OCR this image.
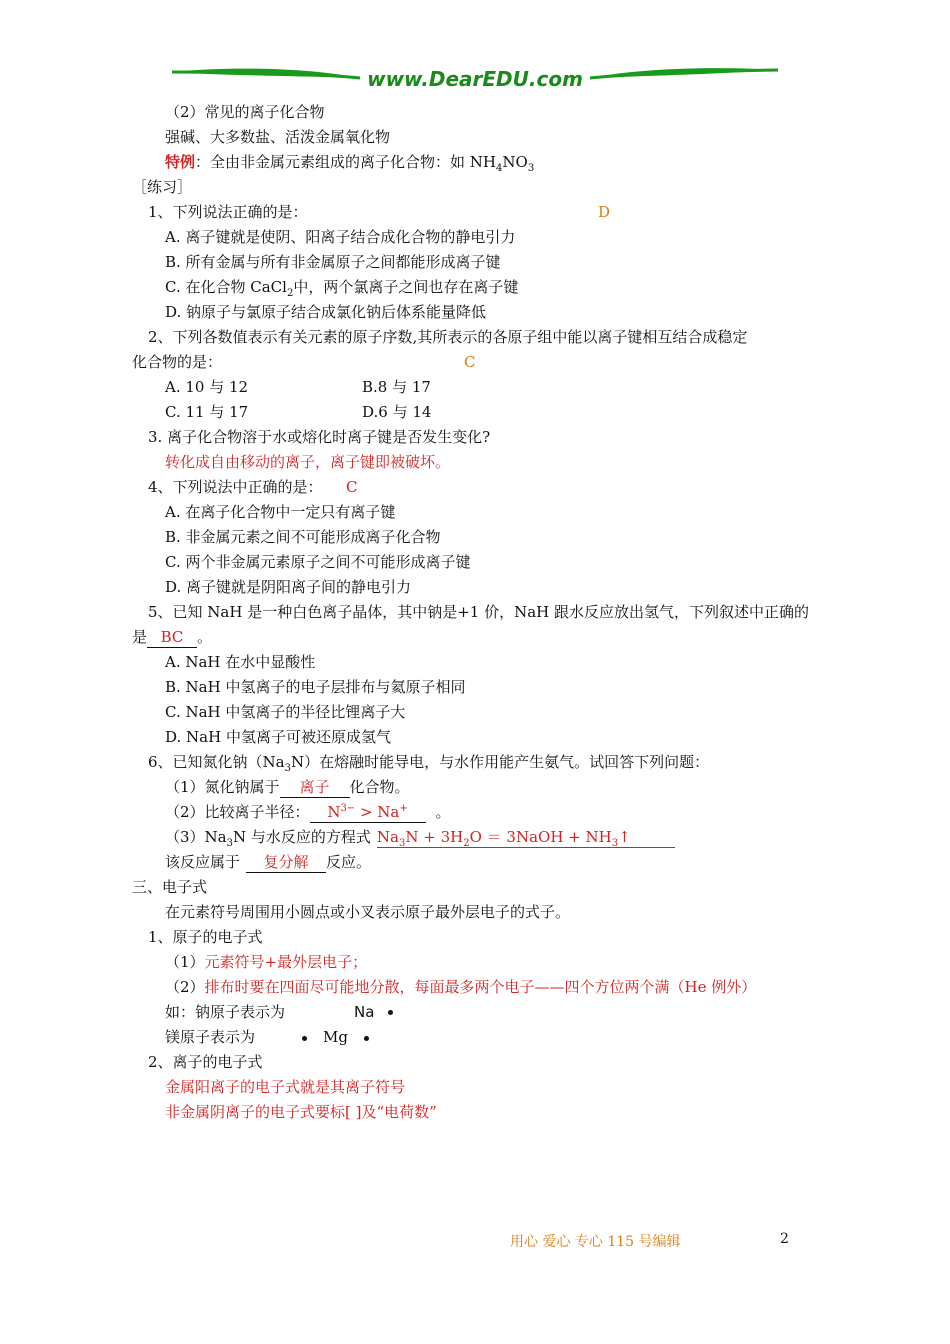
www.DearEDU.com
（2）常见的离子化合物
强碱、大多数盐、活泼金属氧化物
特例：全由非金属元素组成的离子化合物：如 $NH_4NO_3$
［练习］
1、下列说法正确的是：	D
A. 离子键就是使阴、阳离子结合成化合物的静电引力
B. 所有金属与所有非金属原子之间都能形成离子键
C. 在化合物 CaCl$_2$中，两个氯离子之间也存在离子键
D. 钠原子与氯原子结合成氯化钠后体系能量降低
2、下列各数值表示有关元素的原子序数,其所表示的各原子组中能以离子键相互结合成稳定
化合物的是：	C
A. 10 与 12	B.8 与 17
C. 11 与 17	D.6 与 14
3. 离子化合物溶于水或熔化时离子键是否发生变化?
转化成自由移动的离子，离子键即被破坏。
4、下列说法中正确的是： C
A. 在离子化合物中一定只有离子键
B. 非金属元素之间不可能形成离子化合物
C. 两个非金属元素原子之间不可能形成离子键
D. 离子键就是阴阳离子间的静电引力
5、已知 NaH 是一种白色离子晶体，其中钠是+1 价，NaH 跟水反应放出氢气，下列叙述中正确的
是 BC 。
A. NaH 在水中显酸性
B. NaH 中氢离子的电子层排布与氦原子相同
C. NaH 中氢离子的半径比锂离子大
D. NaH 中氢离子可被还原成氢气
6、已知氮化钠$(Na_3N)$在熔融时能导电，与水作用能产生氨气。试回答下列问题：
（1）氮化钠属于 离子 化合物。
（2）比较离子半径： $N^{3-} > Na^+$ 。
$(3)Na_3N$ 与水反应的方程式 $Na_3N + 3H_2O$ ＝ 3NaOH + $NH_3↑$
该反应属于 复分解 反应。
三、电子式
在元素符号周围用小圆点或小叉表示原子最外层电子的式子。
1、原子的电子式
（1）元素符号+最外层电子；
（2）排布时要在四面尽可能地分散，每面最多两个电子——四个方位两个满（He 例外）
如：钠原子表示为	Na
镁原子表示为	Mg
2、离子的电子式
金属阳离子的电子式就是其离子符号
非金属阴离子的电子式要标[ ]及“电荷数”
用心 爱心 专心 115 号编辑	2
